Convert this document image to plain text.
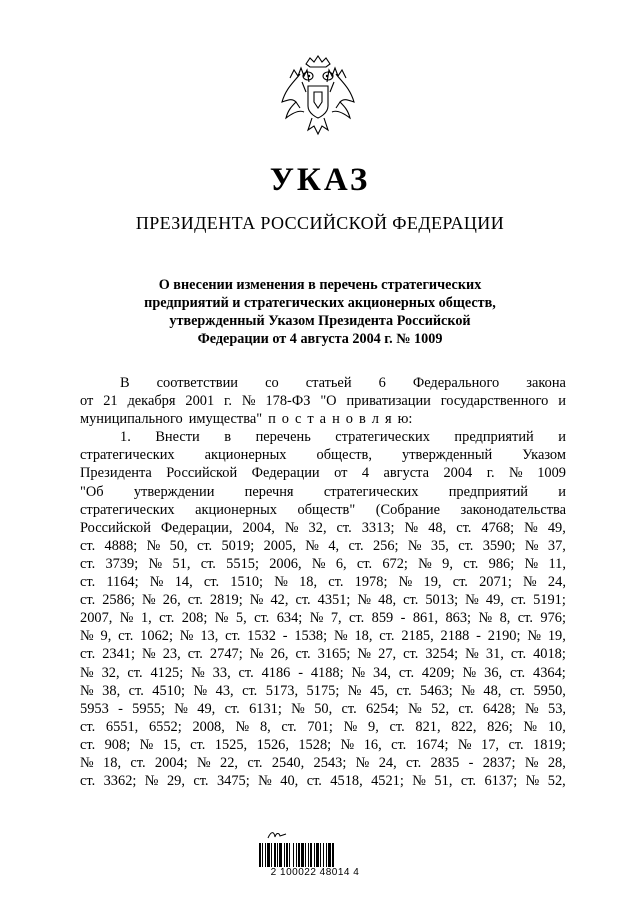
УКАЗ
ПРЕЗИДЕНТА РОССИЙСКОЙ ФЕДЕРАЦИИ
О внесении изменения в перечень стратегических
предприятий и стратегических акционерных обществ,
утвержденный Указом Президента Российской
Федерации от 4 августа 2004 г. № 1009
В соответствии со статьей 6 Федерального закона
от 21 декабря 2001 г. № 178-ФЗ "О приватизации государственного и
муниципального имущества" п о с т а н о в л я ю:
1. Внести в перечень стратегических предприятий и
стратегических акционерных обществ, утвержденный Указом
Президента Российской Федерации от 4 августа 2004 г. № 1009
"Об утверждении перечня стратегических предприятий и
стратегических акционерных обществ" (Собрание законодательства
Российской Федерации, 2004, № 32, ст. 3313; № 48, ст. 4768; № 49,
ст. 4888; № 50, ст. 5019; 2005, № 4, ст. 256; № 35, ст. 3590; № 37,
ст. 3739; № 51, ст. 5515; 2006, № 6, ст. 672; № 9, ст. 986; № 11,
ст. 1164; № 14, ст. 1510; № 18, ст. 1978; № 19, ст. 2071; № 24,
ст. 2586; № 26, ст. 2819; № 42, ст. 4351; № 48, ст. 5013; № 49, ст. 5191;
2007, № 1, ст. 208; № 5, ст. 634; № 7, ст. 859 - 861, 863; № 8, ст. 976;
№ 9, ст. 1062; № 13, ст. 1532 - 1538; № 18, ст. 2185, 2188 - 2190; № 19,
ст. 2341; № 23, ст. 2747; № 26, ст. 3165; № 27, ст. 3254; № 31, ст. 4018;
№ 32, ст. 4125; № 33, ст. 4186 - 4188; № 34, ст. 4209; № 36, ст. 4364;
№ 38, ст. 4510; № 43, ст. 5173, 5175; № 45, ст. 5463; № 48, ст. 5950,
5953 - 5955; № 49, ст. 6131; № 50, ст. 6254; № 52, ст. 6428; № 53,
ст. 6551, 6552; 2008, № 8, ст. 701; № 9, ст. 821, 822, 826; № 10,
ст. 908; № 15, ст. 1525, 1526, 1528; № 16, ст. 1674; № 17, ст. 1819;
№ 18, ст. 2004; № 22, ст. 2540, 2543; № 24, ст. 2835 - 2837; № 28,
ст. 3362; № 29, ст. 3475; № 40, ст. 4518, 4521; № 51, ст. 6137; № 52,
2 100022 48014 4
